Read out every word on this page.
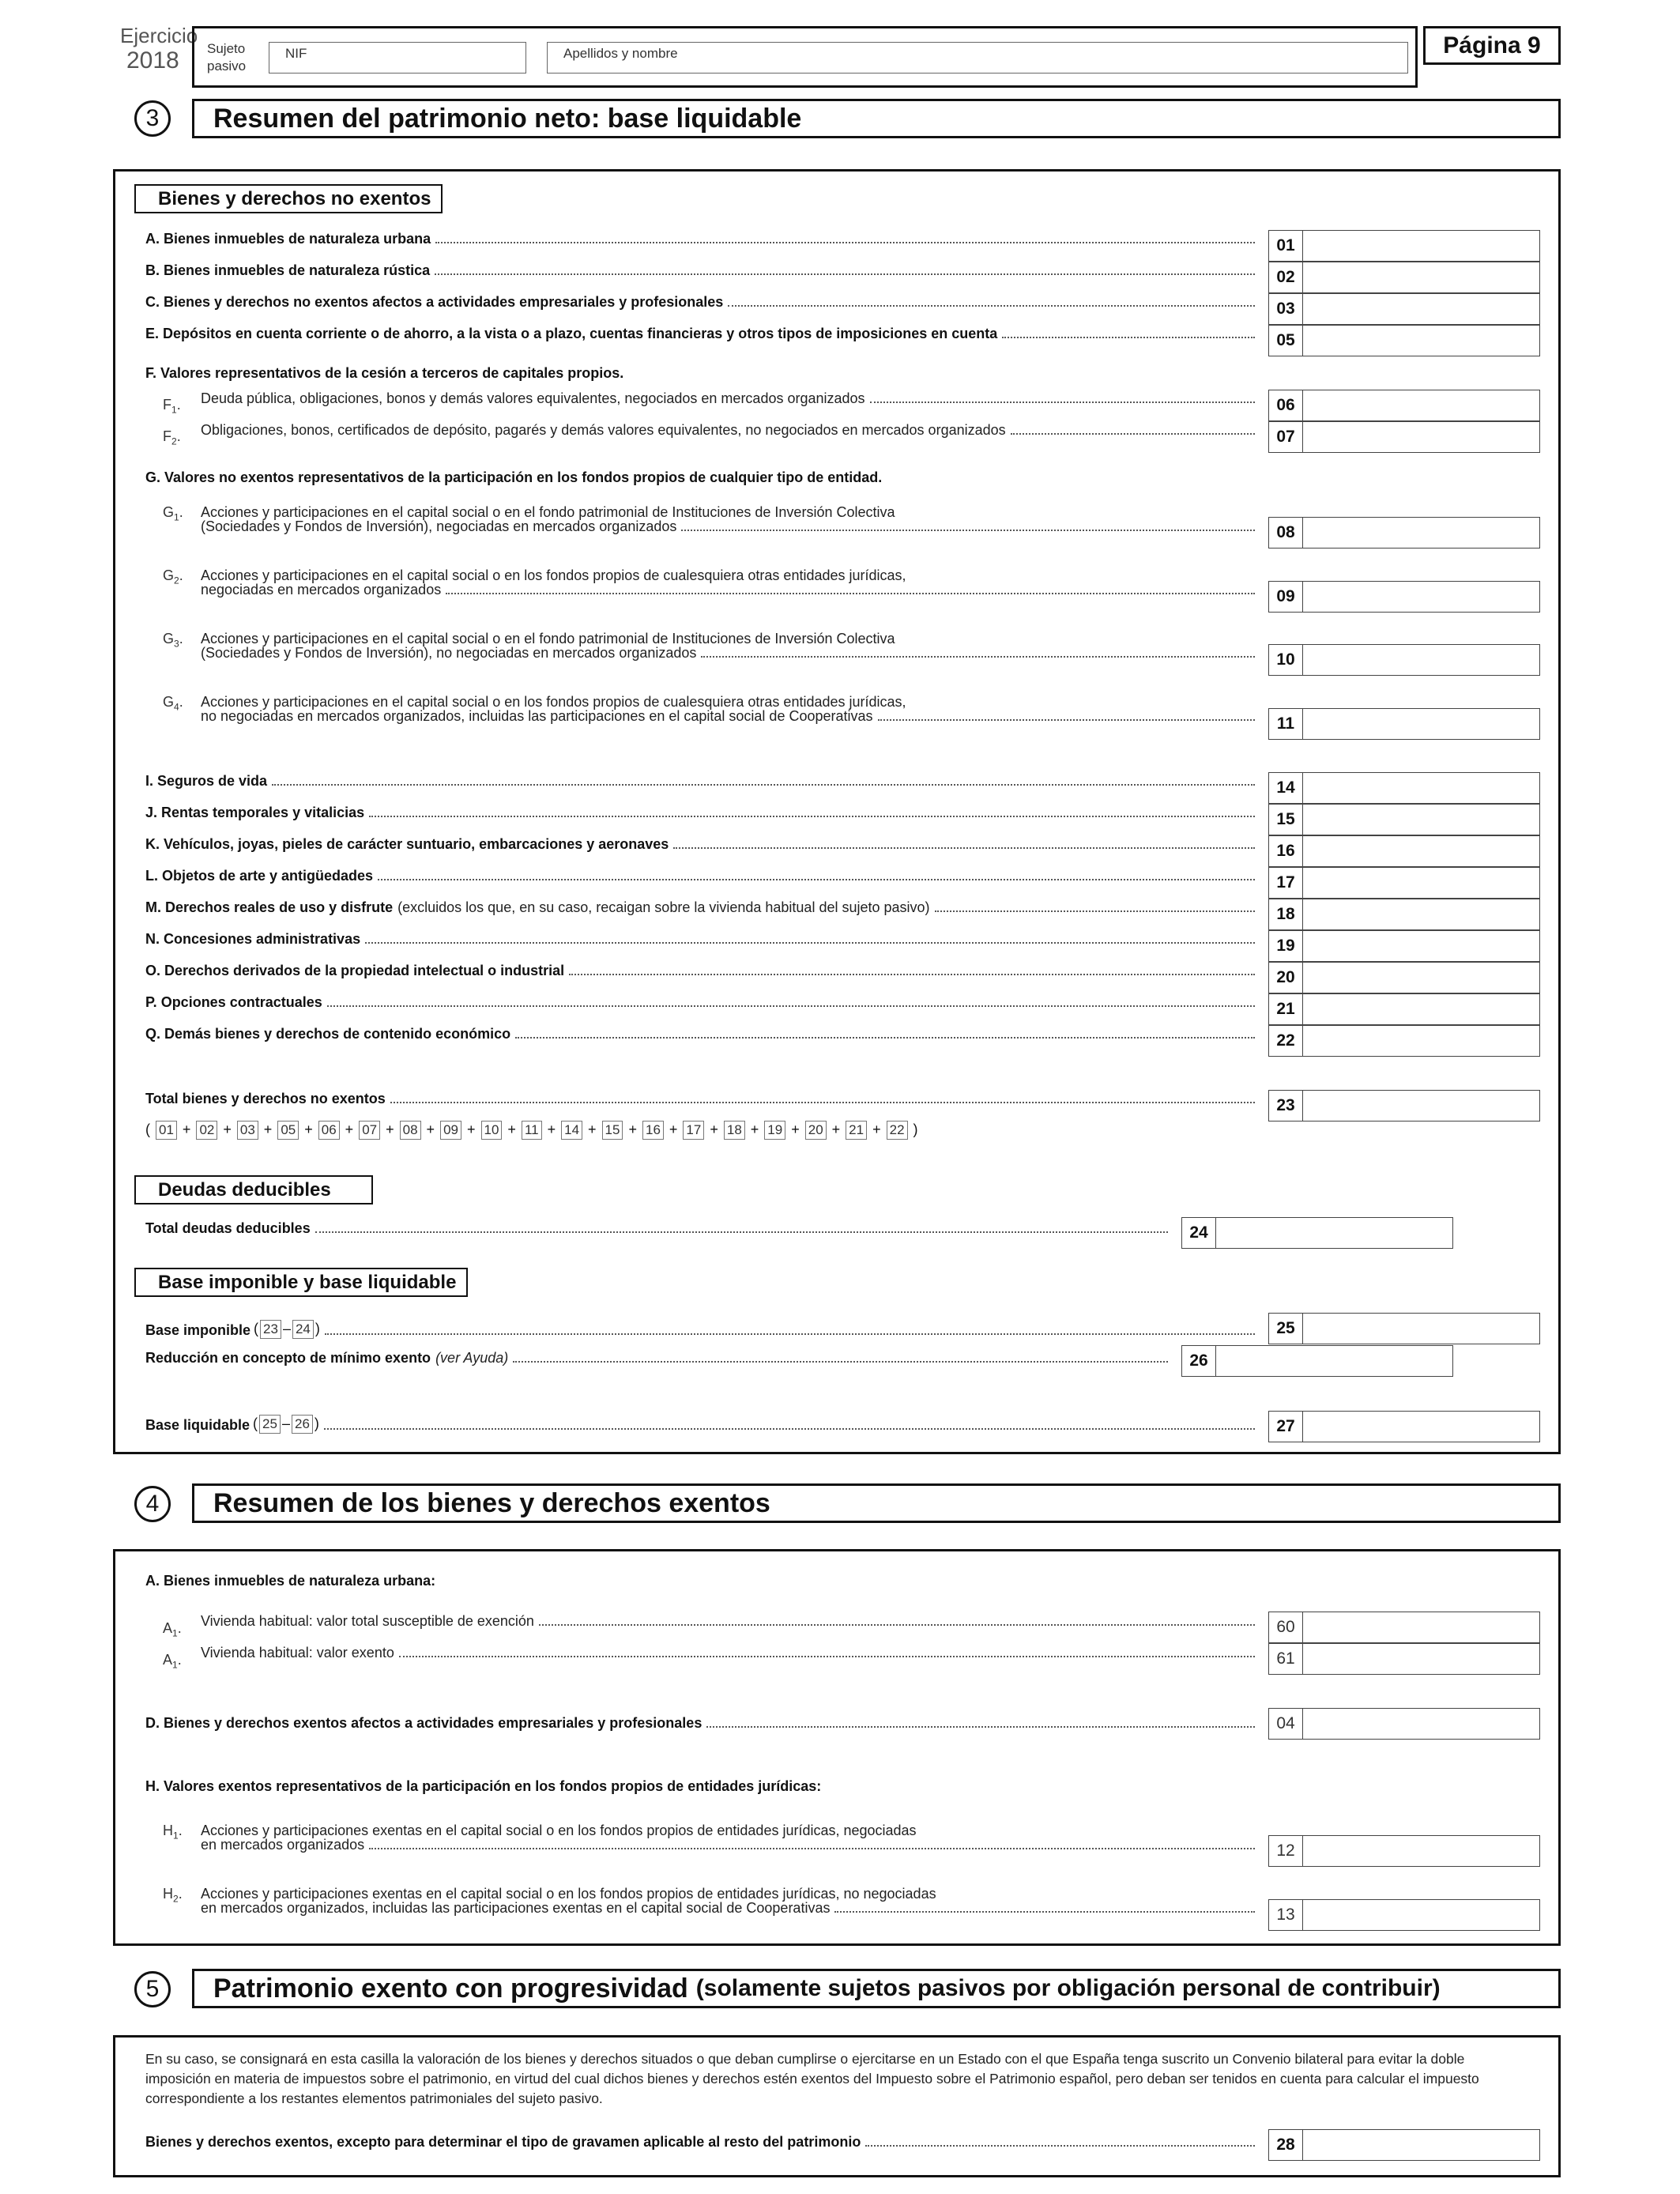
Ejercicio
2018 Sujeto
pasivo
NIF	Apellidos y nombre	Página 9
3	Resumen del patrimonio neto: base liquidable
Bienes y derechos no exentos
A. Bienes inmuebles de naturaleza urbana	01
B. Bienes inmuebles de naturaleza rústica	02
C. Bienes y derechos no exentos afectos a actividades empresariales y profesionales	03
E. Depósitos en cuenta corriente o de ahorro, a la vista o a plazo, cuentas financieras y otros tipos de imposiciones en cuenta	05
F. Valores representativos de la cesión a terceros de capitales propios.
$F_1$. Deuda pública, obligaciones, bonos y demás valores equivalentes, negociados en mercados organizados	06
$F_2$. Obligaciones, bonos, certificados de depósito, pagarés y demás valores equivalentes, no negociados en mercados organizados	07
G. Valores no exentos representativos de la participación en los fondos propios de cualquier tipo de entidad.
$G_1$. Acciones y participaciones en el capital social o en el fondo patrimonial de Instituciones de Inversión Colectiva
(Sociedades y Fondos de Inversión), negociadas en mercados organizados	08
$G_2$. Acciones y participaciones en el capital social o en los fondos propios de cualesquiera otras entidades jurídicas,
negociadas en mercados organizados	09
$G_3$. Acciones y participaciones en el capital social o en el fondo patrimonial de Instituciones de Inversión Colectiva
(Sociedades y Fondos de Inversión), no negociadas en mercados organizados	10
$G_4$. Acciones y participaciones en el capital social o en los fondos propios de cualesquiera otras entidades jurídicas,
no negociadas en mercados organizados, incluidas las participaciones en el capital social de Cooperativas	11
I. Seguros de vida	14
J. Rentas temporales y vitalicias	15
K. Vehículos, joyas, pieles de carácter suntuario, embarcaciones y aeronaves	16
L. Objetos de arte y antigüedades	17
M. Derechos reales de uso y disfrute (excluidos los que, en su caso, recaigan sobre la vivienda habitual del sujeto pasivo)	18
N. Concesiones administrativas	19
O. Derechos derivados de la propiedad intelectual o industrial	20
P. Opciones contractuales	21
Q. Demás bienes y derechos de contenido económico	22
Total bienes y derechos no exentos	23
( 01 + 02 + 03 + 05 + 06 + 07 + 08 + 09 + 10 + 11 + 14 + 15 + 16 + 17 + 18 + 19 + 20 + 21 + 22 )
Deudas deducibles
Total deudas deducibles	24
Base imponible y base liquidable
Base imponible ( 23 – 24 )	25
Reducción en concepto de mínimo exento (ver Ayuda)	26
Base liquidable ( 25 – 26 )	27
4	Resumen de los bienes y derechos exentos
A. Bienes inmuebles de naturaleza urbana:
$A_1$. Vivienda habitual: valor total susceptible de exención	60
$A_1$. Vivienda habitual: valor exento	61
D. Bienes y derechos exentos afectos a actividades empresariales y profesionales	04
H. Valores exentos representativos de la participación en los fondos propios de entidades jurídicas:
$H_1$. Acciones y participaciones exentas en el capital social o en los fondos propios de entidades jurídicas, negociadas
en mercados organizados	12
$H_2$. Acciones y participaciones exentas en el capital social o en los fondos propios de entidades jurídicas, no negociadas
en mercados organizados, incluidas las participaciones exentas en el capital social de Cooperativas	13
5	Patrimonio exento con progresividad (solamente sujetos pasivos por obligación personal de contribuir)
En su caso, se consignará en esta casilla la valoración de los bienes y derechos situados o que deban cumplirse o ejercitarse en un Estado con el que España tenga suscrito un Convenio bilateral para evitar la doble
imposición en materia de impuestos sobre el patrimonio, en virtud del cual dichos bienes y derechos estén exentos del Impuesto sobre el Patrimonio español, pero deban ser tenidos en cuenta para calcular el impuesto
correspondiente a los restantes elementos patrimoniales del sujeto pasivo.
Bienes y derechos exentos, excepto para determinar el tipo de gravamen aplicable al resto del patrimonio	28
